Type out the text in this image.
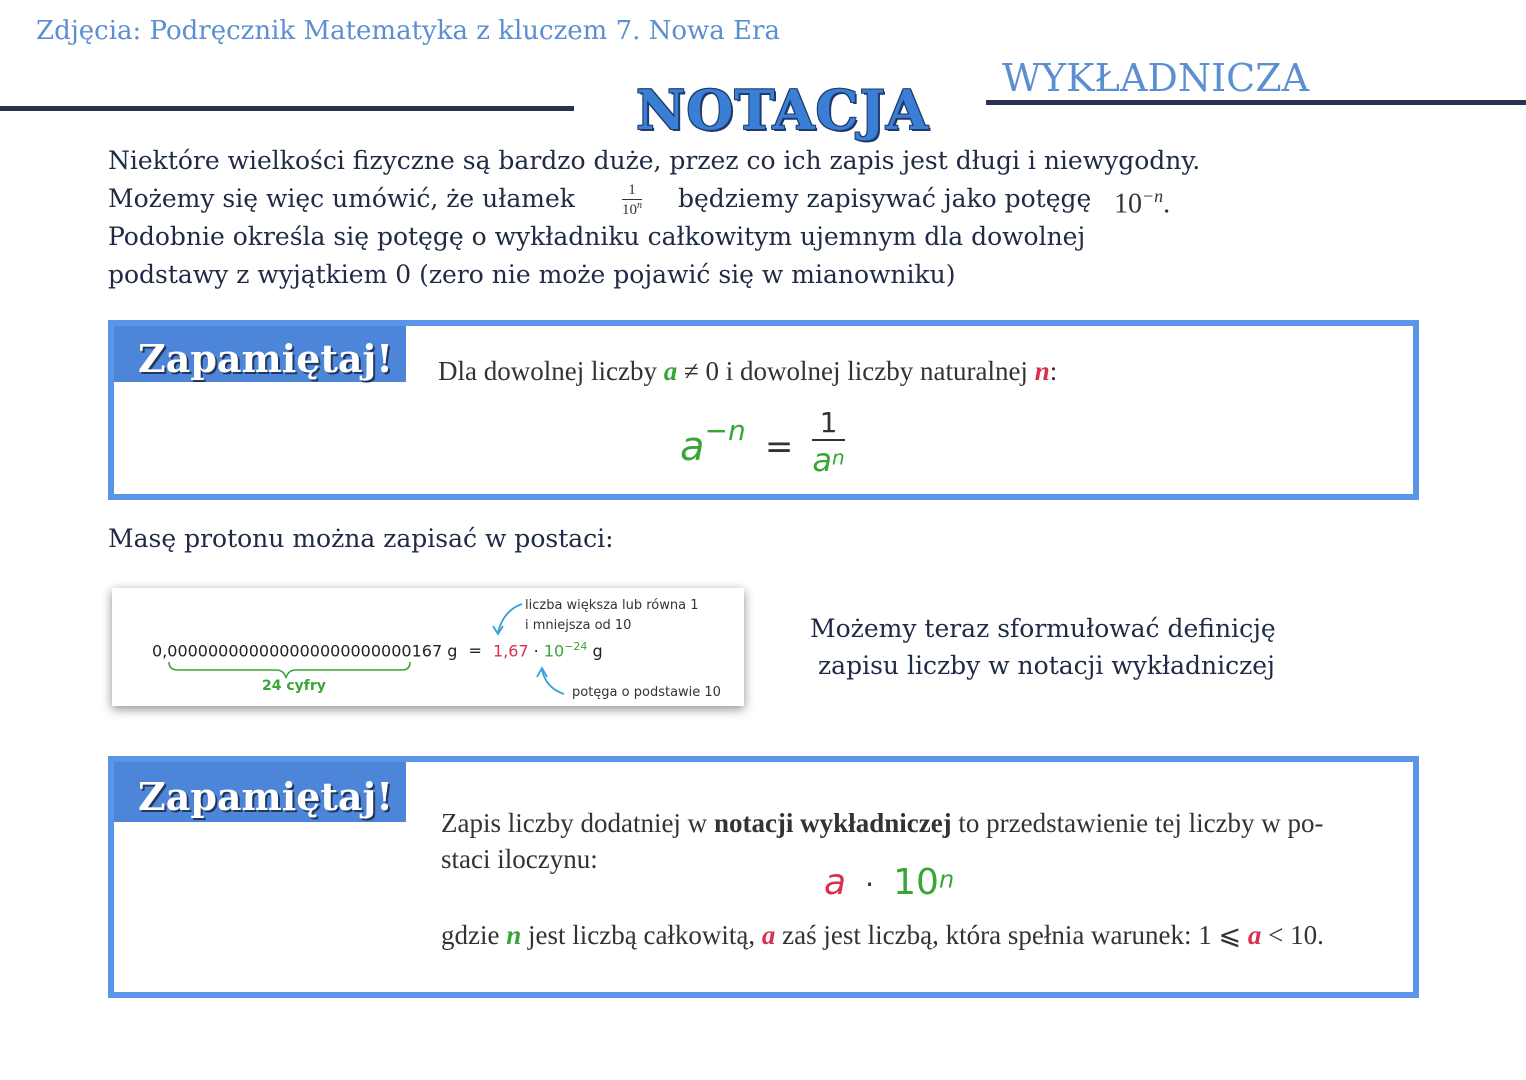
Zdjęcia: Podręcznik Matematyka z kluczem 7. Nowa Era
NOTACJA WYKŁADNICZA
Niektóre wielkości fizyczne są bardzo duże, przez co ich zapis jest długi i niewygodny.
Możemy się więc umówić, że ułamek	$\frac{1}{10^n}$ będziemy zapisywać jako potęgę $10^{-n}$.
Podobnie określa się potęgę o wykładniku całkowitym ujemnym dla dowolnej
podstawy z wyjątkiem 0 (zero nie może pojawić się w mianowniku)
Zapamiętaj!	Dla dowolnej liczby a ≠ 0 i dowolnej liczby naturalnej n:
a−n =
1
$a^n$
Masę protonu można zapisać w postaci:
0,000000000000000000000000167 $g = 1,67 \cdot 10^{-24}$ g
24 cyfry
liczba większa lub równa 1
i mniejsza od 10
potęga o podstawie 10
Możemy teraz sformułować definicję
zapisu liczby w notacji wykładniczej
Zapamiętaj!
Zapis liczby dodatniej w notacji wykładniczej to przedstawienie tej liczby w po-
staci iloczynu:
$a \cdot 10^n$
gdzie n jest liczbą całkowitą, a zaś jest liczbą, która spełnia warunek: 1 ⩽ a < 10.
